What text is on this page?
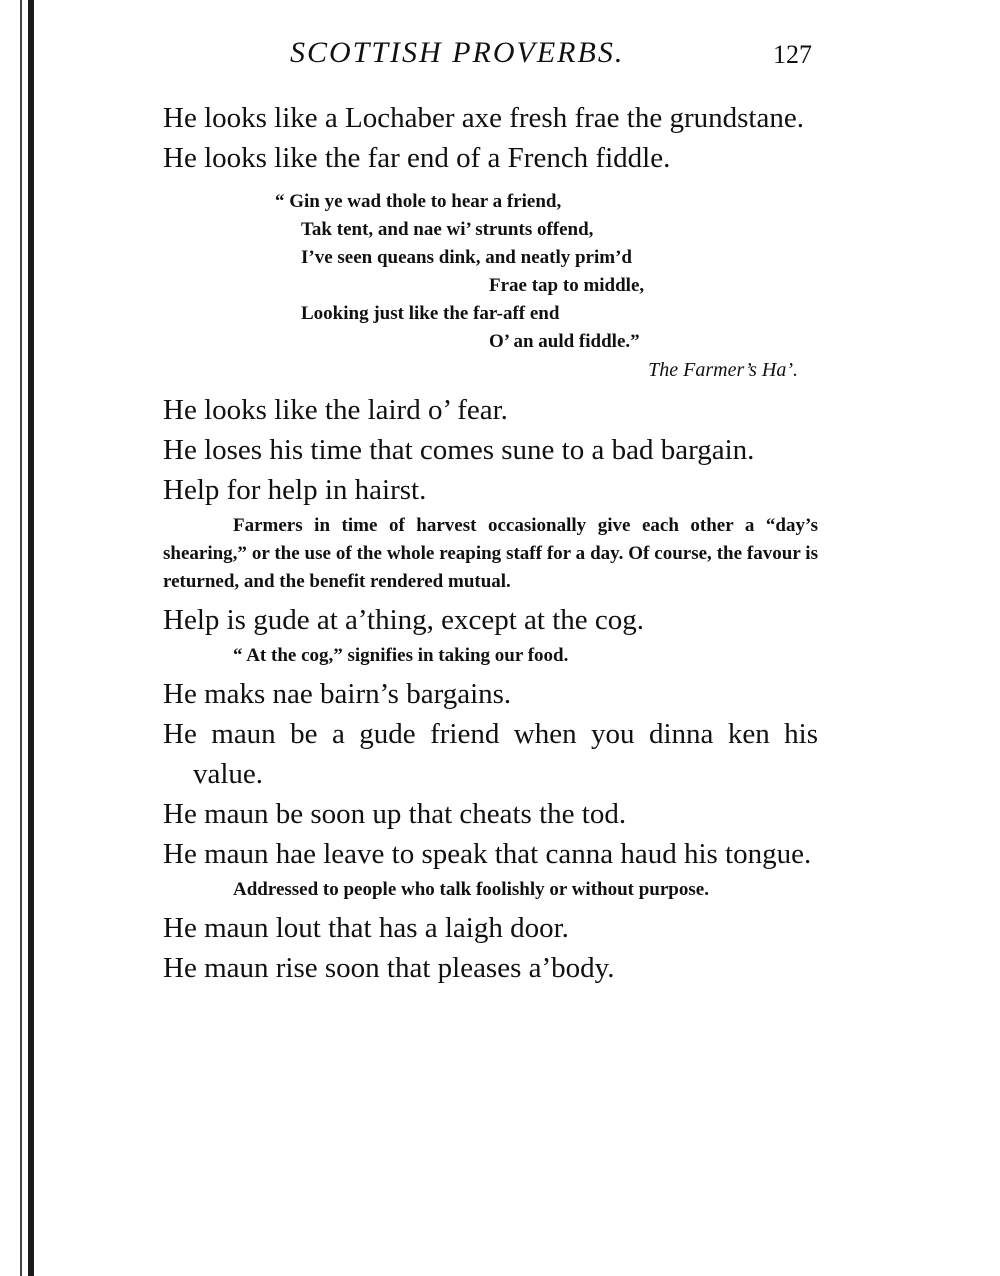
SCOTTISH PROVERBS.	127

He looks like a Lochaber axe fresh frae the grundstane.

He looks like the far end of a French fiddle.

“ Gin ye wad thole to hear a friend,
Tak tent, and nae wi’ strunts offend,
I’ve seen queans dink, and neatly prim’d
Frae tap to middle,
Looking just like the far-aff end
O’ an auld fiddle.”
The Farmer’s Ha’.

He looks like the laird o’ fear.

He loses his time that comes sune to a bad bargain.

Help for help in hairst.

Farmers in time of harvest occasionally give each other a “day’s shearing,” or the use of the whole reaping staff for a day. Of course, the favour is returned, and the benefit rendered mutual.

Help is gude at a’thing, except at the cog.

“ At the cog,” signifies in taking our food.

He maks nae bairn’s bargains.

He maun be a gude friend when you dinna ken his value.

He maun be soon up that cheats the tod.

He maun hae leave to speak that canna haud his tongue.

Addressed to people who talk foolishly or without purpose.

He maun lout that has a laigh door.

He maun rise soon that pleases a’body.
